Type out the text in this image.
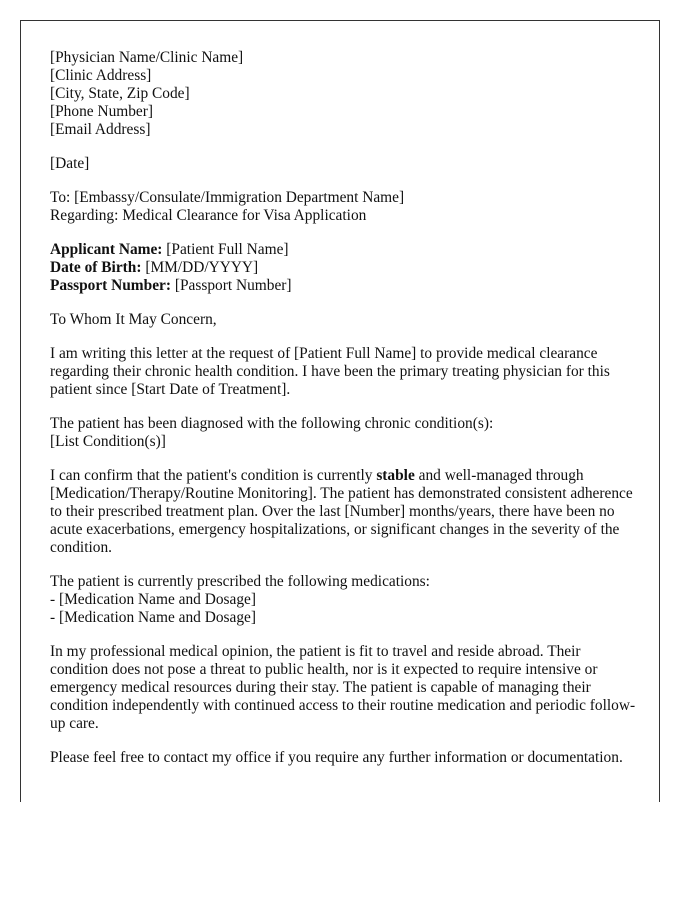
[Physician Name/Clinic Name]
[Clinic Address]
[City, State, Zip Code]
[Phone Number]
[Email Address]
[Date]
To: [Embassy/Consulate/Immigration Department Name]
Regarding: Medical Clearance for Visa Application
Applicant Name: [Patient Full Name]
Date of Birth: [MM/DD/YYYY]
Passport Number: [Passport Number]
To Whom It May Concern,

I am writing this letter at the request of [Patient Full Name] to provide medical clearance regarding their chronic health condition. I have been the primary treating physician for this patient since [Start Date of Treatment].

The patient has been diagnosed with the following chronic condition(s):
[List Condition(s)]

I can confirm that the patient's condition is currently stable and well-managed through [Medication/Therapy/Routine Monitoring]. The patient has demonstrated consistent adherence to their prescribed treatment plan. Over the last [Number] months/years, there have been no acute exacerbations, emergency hospitalizations, or significant changes in the severity of the condition.

The patient is currently prescribed the following medications:
- [Medication Name and Dosage]
- [Medication Name and Dosage]

In my professional medical opinion, the patient is fit to travel and reside abroad. Their condition does not pose a threat to public health, nor is it expected to require intensive or emergency medical resources during their stay. The patient is capable of managing their condition independently with continued access to their routine medication and periodic follow-up care.

Please feel free to contact my office if you require any further information or documentation.
